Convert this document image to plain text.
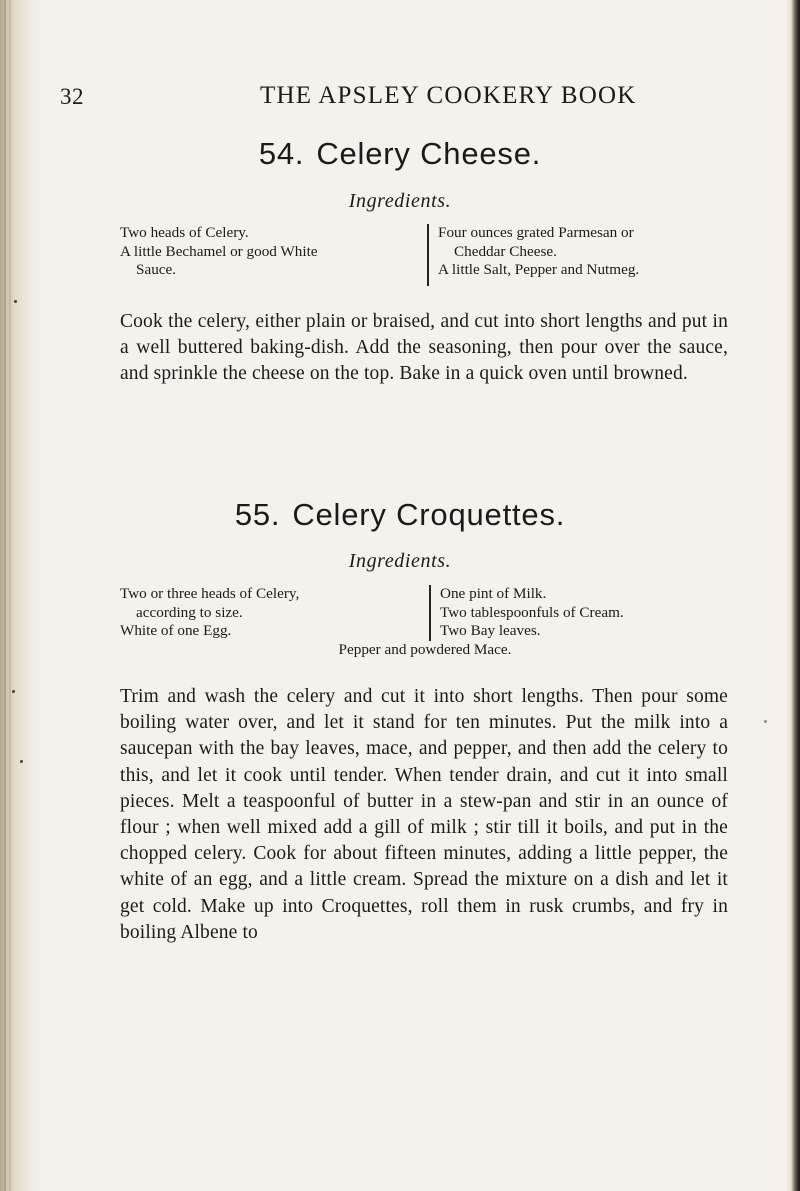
32	THE APSLEY COOKERY BOOK
54. Celery Cheese.
Ingredients.
Two heads of Celery.
A little Bechamel or good White
Sauce.
Four ounces grated Parmesan or
Cheddar Cheese.
A little Salt, Pepper and Nutmeg.

Cook the celery, either plain or braised, and cut into short lengths and put in a well buttered baking-dish. Add the seasoning, then pour over the sauce, and sprinkle the cheese on the top. Bake in a quick oven until browned.

55. Celery Croquettes.
Ingredients.
Two or three heads of Celery,
according to size.
White of one Egg.
One pint of Milk.
Two tablespoonfuls of Cream.
Two Bay leaves.
Pepper and powdered Mace.

Trim and wash the celery and cut it into short lengths. Then pour some boiling water over, and let it stand for ten minutes. Put the milk into a saucepan with the bay leaves, mace, and pepper, and then add the celery to this, and let it cook until tender. When tender drain, and cut it into small pieces. Melt a teaspoonful of butter in a stew-pan and stir in an ounce of flour ; when well mixed add a gill of milk ; stir till it boils, and put in the chopped celery. Cook for about fifteen minutes, adding a little pepper, the white of an egg, and a little cream. Spread the mixture on a dish and let it get cold. Make up into Croquettes, roll them in rusk crumbs, and fry in boiling Albene to
